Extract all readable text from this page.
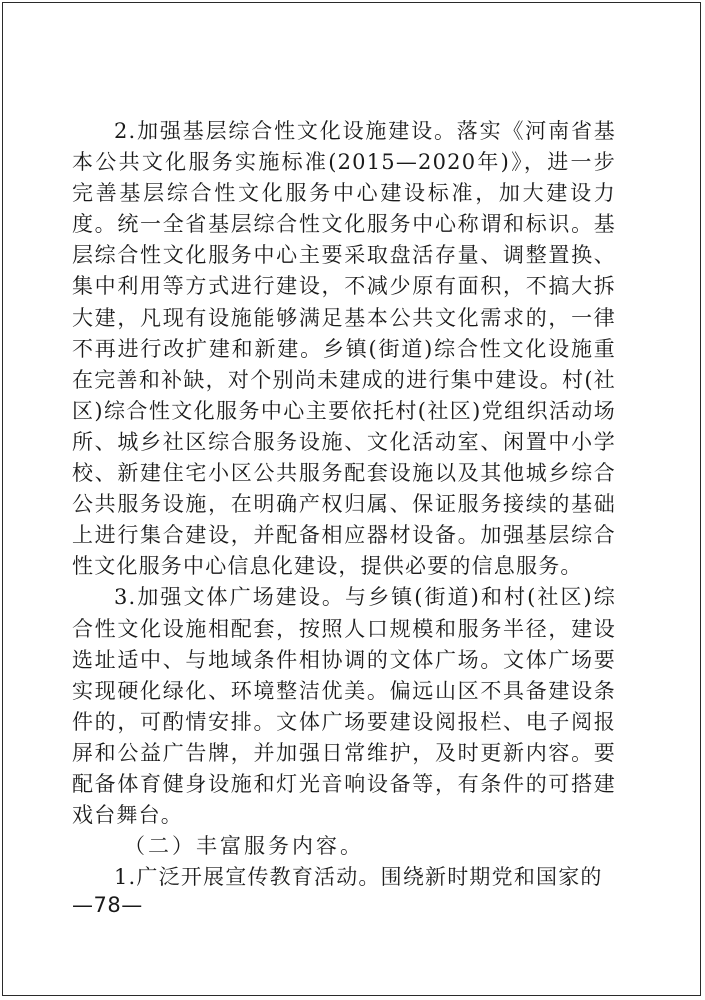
2.加强基层综合性文化设施建设。落实《河南省基本公共文化服务实施标准(2015—2020年)》，进一步完善基层综合性文化服务中心建设标准，加大建设力度。统一全省基层综合性文化服务中心称谓和标识。基层综合性文化服务中心主要采取盘活存量、调整置换、集中利用等方式进行建设，不减少原有面积，不搞大拆大建，凡现有设施能够满足基本公共文化需求的，一律不再进行改扩建和新建。乡镇(街道)综合性文化设施重在完善和补缺，对个别尚未建成的进行集中建设。村(社区)综合性文化服务中心主要依托村(社区)党组织活动场所、城乡社区综合服务设施、文化活动室、闲置中小学校、新建住宅小区公共服务配套设施以及其他城乡综合公共服务设施，在明确产权归属、保证服务接续的基础上进行集合建设，并配备相应器材设备。加强基层综合性文化服务中心信息化建设，提供必要的信息服务。

3.加强文体广场建设。与乡镇(街道)和村(社区)综合性文化设施相配套，按照人口规模和服务半径，建设选址适中、与地域条件相协调的文体广场。文体广场要实现硬化绿化、环境整洁优美。偏远山区不具备建设条件的，可酌情安排。文体广场要建设阅报栏、电子阅报屏和公益广告牌，并加强日常维护，及时更新内容。要配备体育健身设施和灯光音响设备等，有条件的可搭建戏台舞台。

（二）丰富服务内容。

1.广泛开展宣传教育活动。围绕新时期党和国家的

—78—
